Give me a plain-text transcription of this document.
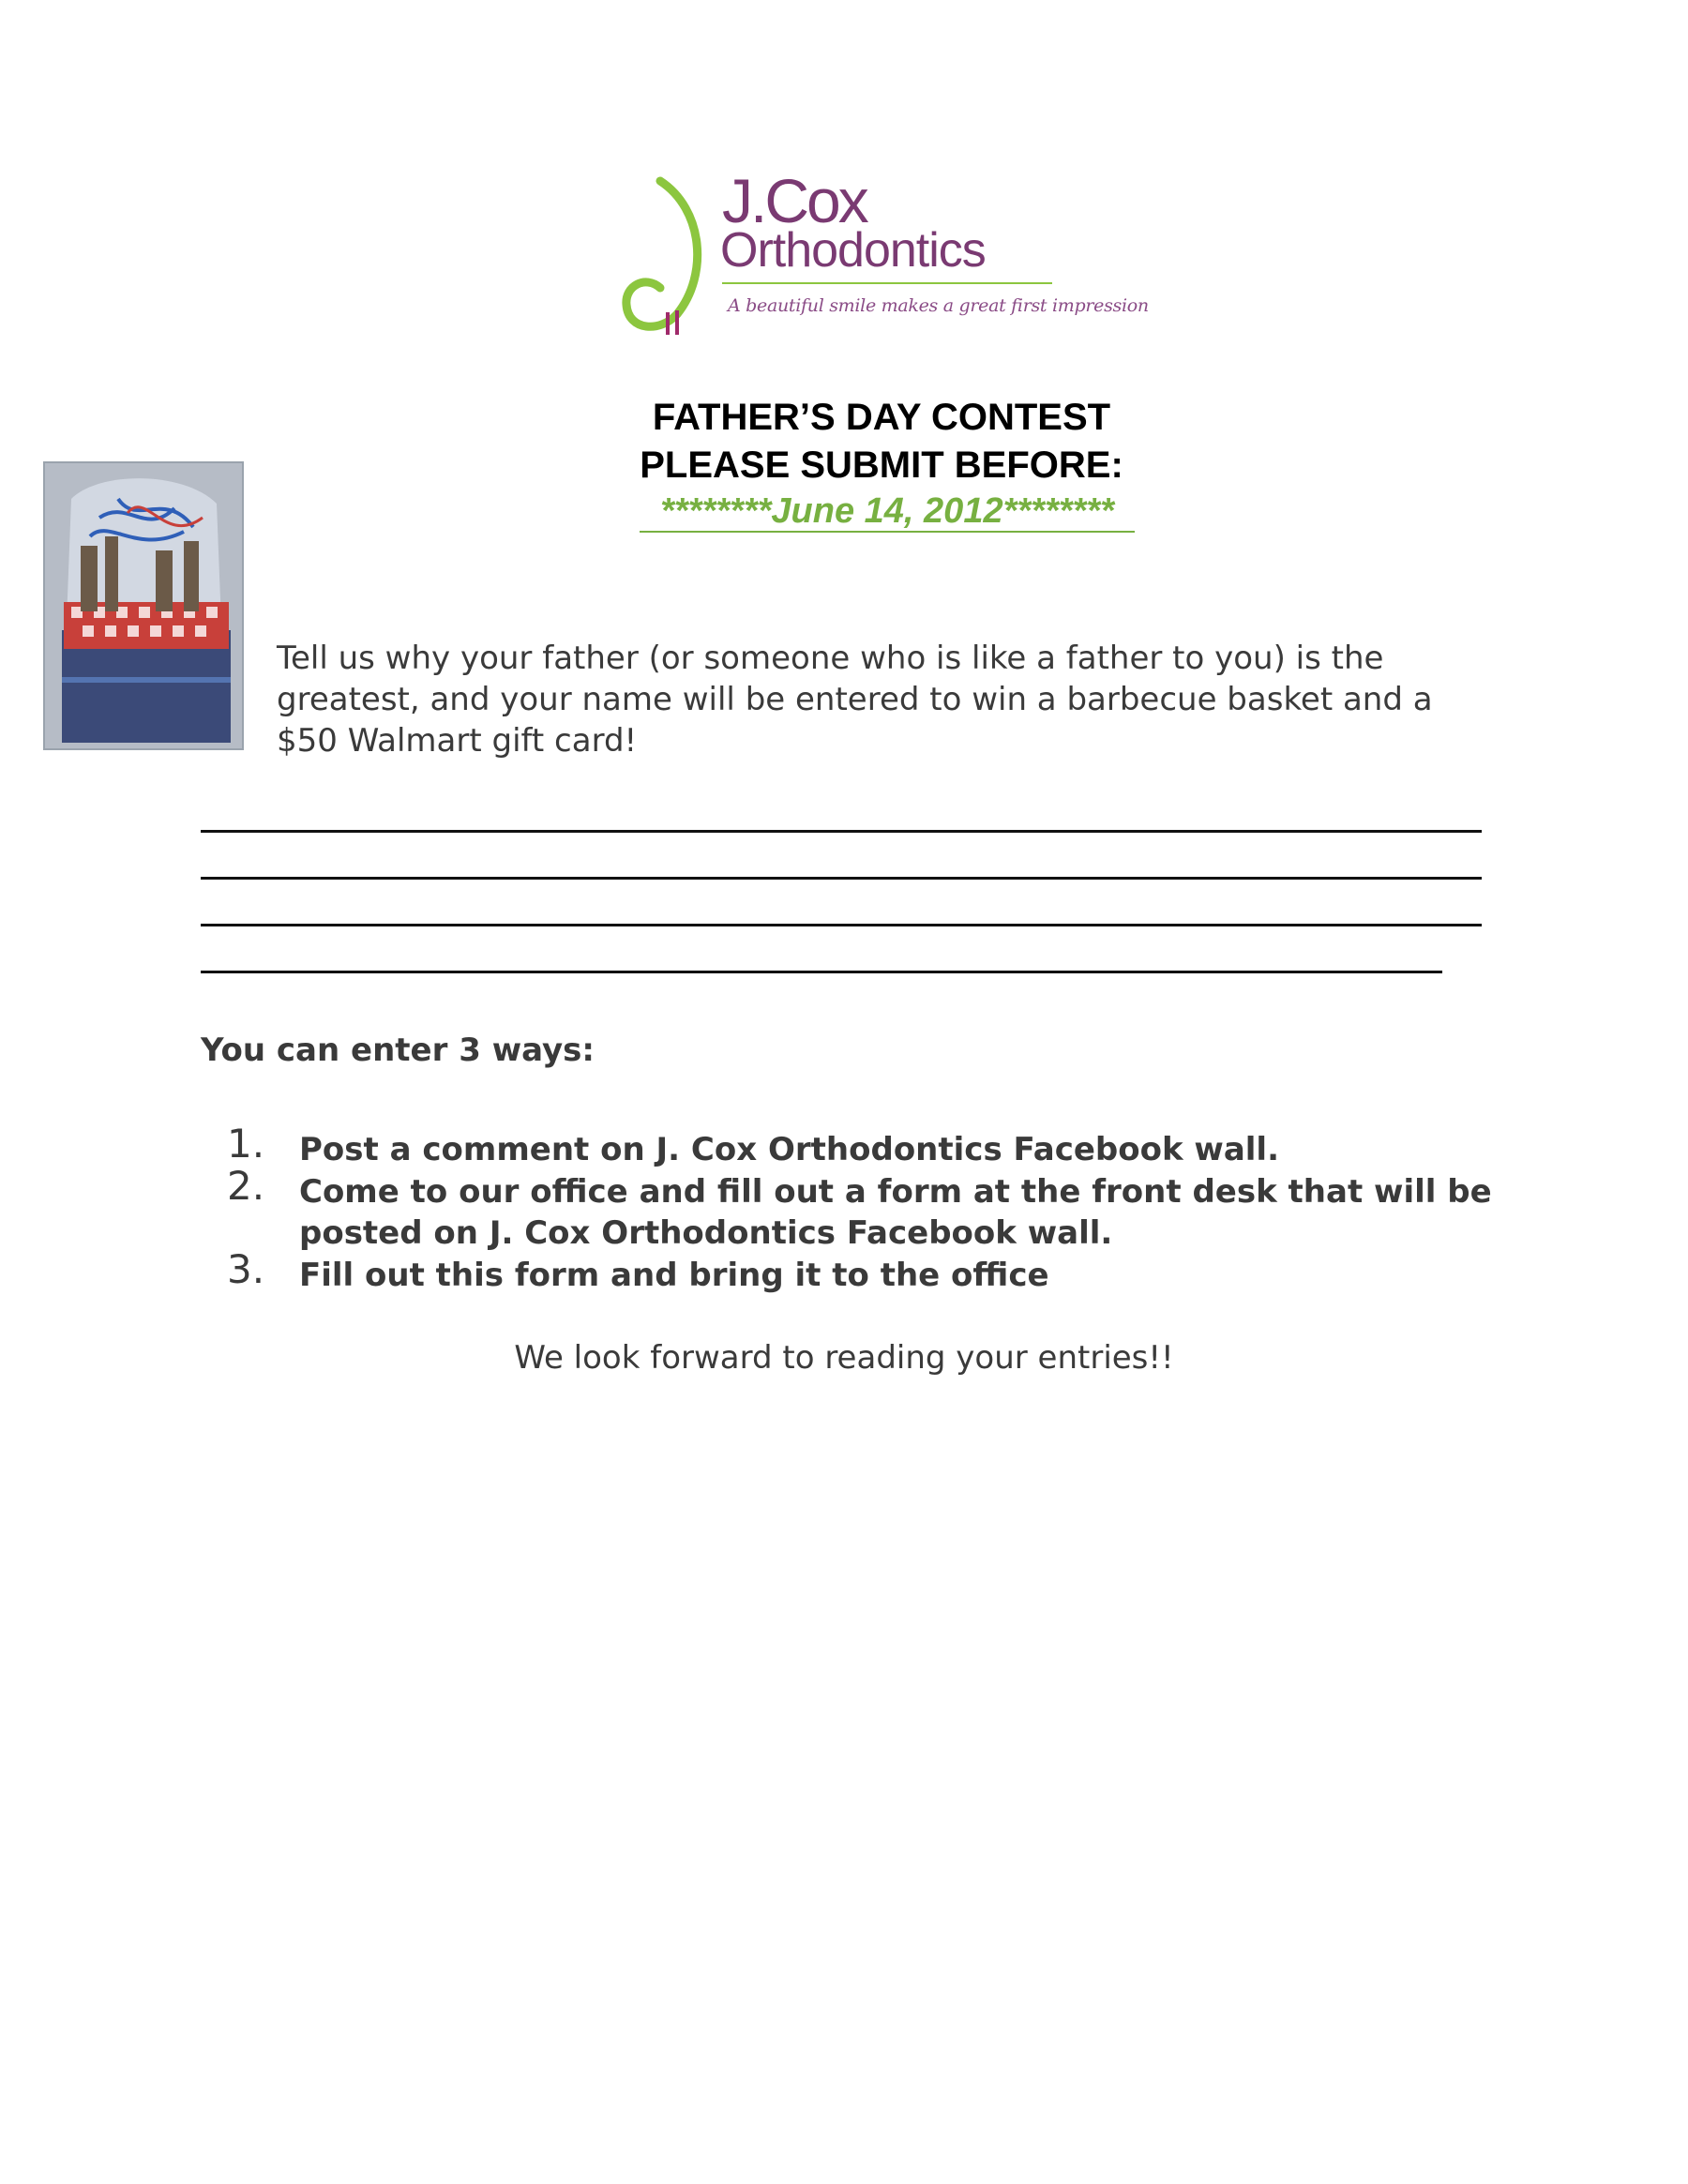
J.Cox
Orthodontics
A beautiful smile makes a great first impression
FATHER’S DAY CONTEST
PLEASE SUBMIT BEFORE:
********June 14, 2012********
Tell us why your father (or someone who is like a father to you) is the greatest, and your name will be entered to win a barbecue basket and a $50 Walmart gift card!
You can enter 3 ways:
1. Post a comment on J. Cox Orthodontics Facebook wall.
2. Come to our office and fill out a form at the front desk that will be posted on J. Cox Orthodontics Facebook wall.
3. Fill out this form and bring it to the office
We look forward to reading your entries!!
